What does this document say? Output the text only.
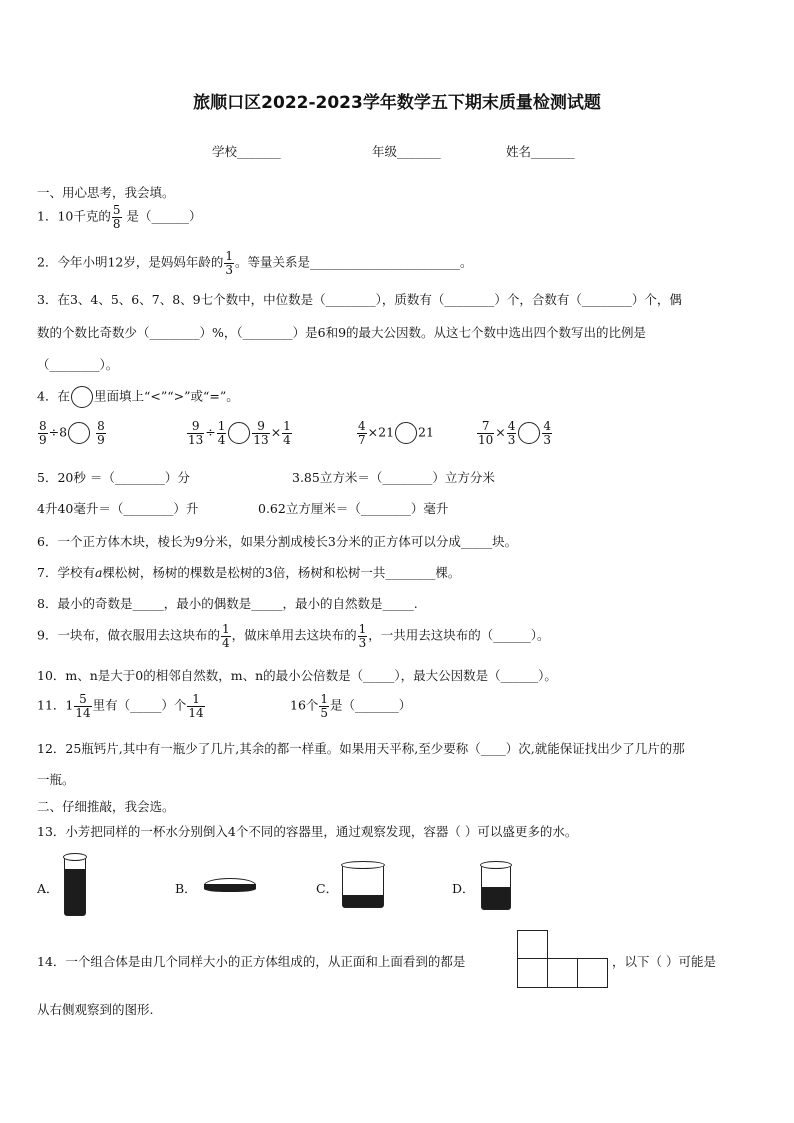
旅顺口区2022-2023学年数学五下期末质量检测试题
学校_______	年级_______	姓名_______
一、用心思考，我会填。
1．10千克的 $\frac{5}{8}$ 是（______）
2．今年小明12岁，是妈妈年龄的 $\frac{1}{3}$ 。等量关系是________________________。
3．在3、4、5、6、7、8、9七个数中，中位数是（________），质数有（________）个，合数有（________）个，偶
数的个数比奇数少（________）%，（________）是6和9的最大公因数。从这七个数中选出四个数写出的比例是
（________）。
4．在 里面填上“<”“>”或“=”。
$\frac{8}{9} \div 8 \frac{8}{9}$	$\frac{9}{13} \div \frac{1}{4} \frac{9}{13} \times \frac{1}{4}$	$\frac{4}{7} \times 21$ 21	$\frac{7}{10} \times \frac{4}{3} \frac{4}{3}$
5．20秒 ＝（________）分	3.85立方米＝（________）立方分米
4升40毫升＝（________）升	0.62立方厘米＝（________）毫升
6．一个正方体木块，棱长为9分米，如果分割成棱长3分米的正方体可以分成_____块。
7．学校有a棵松树，杨树的棵数是松树的3倍，杨树和松树一共________棵。
8．最小的奇数是_____，最小的偶数是_____，最小的自然数是_____.
9．一块布，做衣服用去这块布的 $\frac{1}{4}$ ，做床单用去这块布的 $\frac{1}{3}$ ，一共用去这块布的（______）。
10．m、n是大于0的相邻自然数，m、n的最小公倍数是（_____），最大公因数是（______）。
11．$1 \frac{5}{14}$ 里有（_____）个 $\frac{1}{14}$	16个 $\frac{1}{5}$ 是（_______）
12．25瓶钙片,其中有一瓶少了几片,其余的都一样重。如果用天平称,至少要称（____）次,就能保证找出少了几片的那
一瓶。
二、仔细推敲，我会选。
13．小芳把同样的一杯水分别倒入4个不同的容器里，通过观察发现，容器（ ）可以盛更多的水。
A．	B．	C．	D．
14．一个组合体是由几个同样大小的正方体组成的，从正面和上面看到的都是	，以下（ ）可能是
从右侧观察到的图形.
